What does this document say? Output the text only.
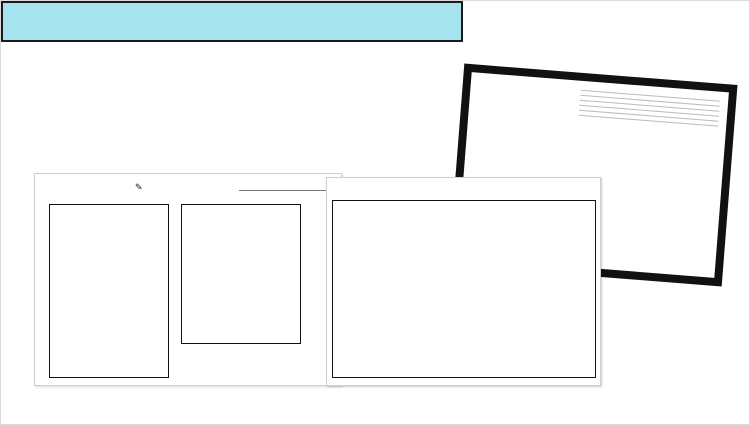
✎
